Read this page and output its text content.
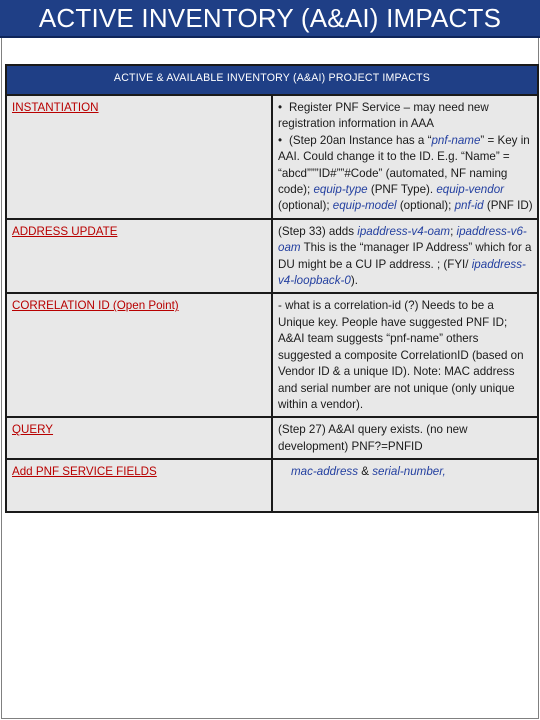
ACTIVE INVENTORY (A&AI) IMPACTS
ACTIVE & AVAILABLE INVENTORY (A&AI) PROJECT IMPACTS	
INSTANTIATION	• Register PNF Service – may need new registration information in AAA
• (Step 20an Instance has a “pnf-name” = Key in AAI. Could change it to the ID. E.g. “Name” = “abcd”””ID#””#Code” (automated, NF naming code); equip-type (PNF Type). equip-vendor (optional); equip-model (optional); pnf-id (PNF ID)

ADDRESS UPDATE	(Step 33) adds ipaddress-v4-oam; ipaddress-v6-oam This is the “manager IP Address” which for a DU might be a CU IP address. ; (FYI/ ipaddress-v4-loopback-0).
CORRELATION ID (Open Point)	- what is a correlation-id (?) Needs to be a Unique key. People have suggested PNF ID; A&AI team suggests “pnf-name” others suggested a composite CorrelationID (based on Vendor ID & a unique ID). Note: MAC address and serial number are not unique (only unique within a vendor).
QUERY	(Step 27) A&AI query exists. (no new development) PNF?=PNFID
Add PNF SERVICE FIELDS	mac-address & serial-number,
